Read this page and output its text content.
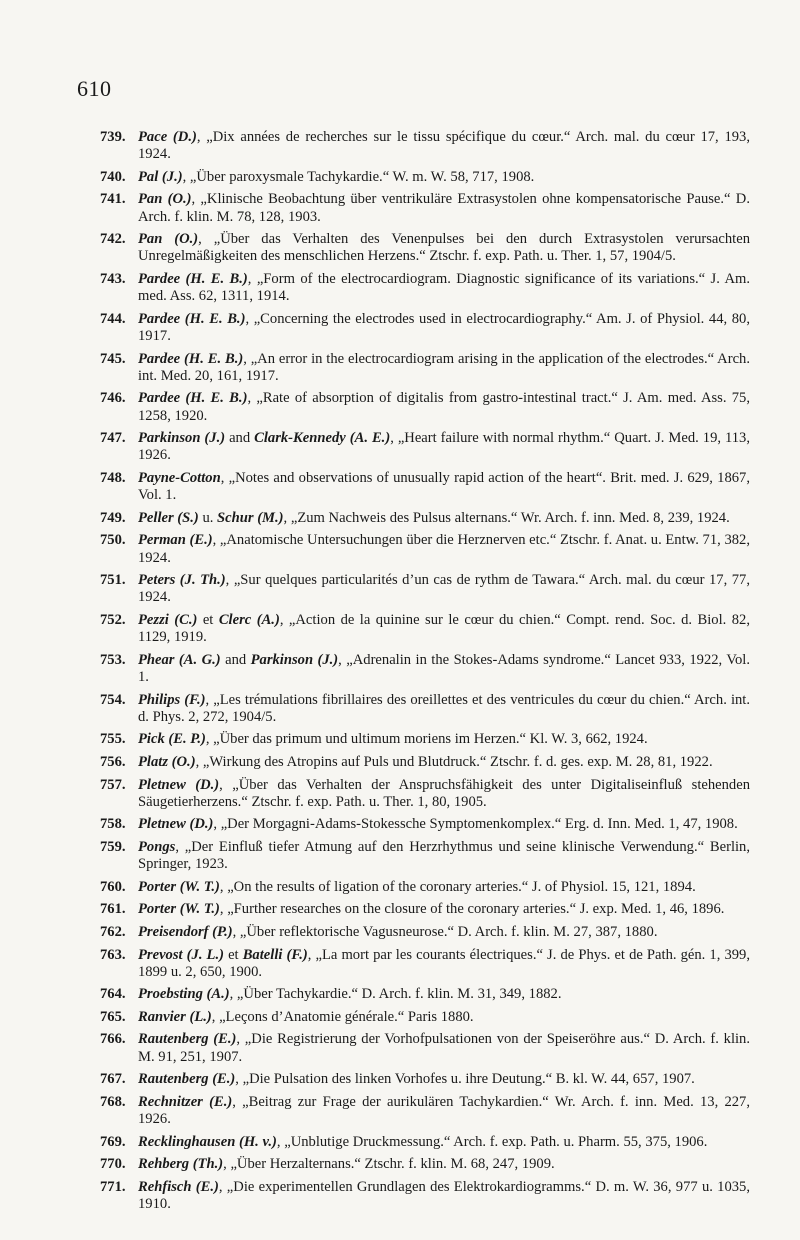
610
739. Pace (D.), „Dix années de recherches sur le tissu spécifique du cœur.“ Arch. mal. du cœur 17, 193, 1924.
740. Pal (J.), „Über paroxysmale Tachykardie.“ W. m. W. 58, 717, 1908.
741. Pan (O.), „Klinische Beobachtung über ventrikuläre Extrasystolen ohne kompensatorische Pause.“ D. Arch. f. klin. M. 78, 128, 1903.
742. Pan (O.), „Über das Verhalten des Venenpulses bei den durch Extrasystolen verursachten Unregelmäßigkeiten des menschlichen Herzens.“ Ztschr. f. exp. Path. u. Ther. 1, 57, 1904/5.
743. Pardee (H. E. B.), „Form of the electrocardiogram. Diagnostic significance of its variations.“ J. Am. med. Ass. 62, 1311, 1914.
744. Pardee (H. E. B.), „Concerning the electrodes used in electrocardiography.“ Am. J. of Physiol. 44, 80, 1917.
745. Pardee (H. E. B.), „An error in the electrocardiogram arising in the application of the electrodes.“ Arch. int. Med. 20, 161, 1917.
746. Pardee (H. E. B.), „Rate of absorption of digitalis from gastro-intestinal tract.“ J. Am. med. Ass. 75, 1258, 1920.
747. Parkinson (J.) and Clark-Kennedy (A. E.), „Heart failure with normal rhythm.“ Quart. J. Med. 19, 113, 1926.
748. Payne-Cotton, „Notes and observations of unusually rapid action of the heart“. Brit. med. J. 629, 1867, Vol. 1.
749. Peller (S.) u. Schur (M.), „Zum Nachweis des Pulsus alternans.“ Wr. Arch. f. inn. Med. 8, 239, 1924.
750. Perman (E.), „Anatomische Untersuchungen über die Herznerven etc.“ Ztschr. f. Anat. u. Entw. 71, 382, 1924.
751. Peters (J. Th.), „Sur quelques particularités d’un cas de rythm de Tawara.“ Arch. mal. du cœur 17, 77, 1924.
752. Pezzi (C.) et Clerc (A.), „Action de la quinine sur le cœur du chien.“ Compt. rend. Soc. d. Biol. 82, 1129, 1919.
753. Phear (A. G.) and Parkinson (J.), „Adrenalin in the Stokes-Adams syndrome.“ Lancet 933, 1922, Vol. 1.
754. Philips (F.), „Les trémulations fibrillaires des oreillettes et des ventricules du cœur du chien.“ Arch. int. d. Phys. 2, 272, 1904/5.
755. Pick (E. P.), „Über das primum und ultimum moriens im Herzen.“ Kl. W. 3, 662, 1924.
756. Platz (O.), „Wirkung des Atropins auf Puls und Blutdruck.“ Ztschr. f. d. ges. exp. M. 28, 81, 1922.
757. Pletnew (D.), „Über das Verhalten der Anspruchsfähigkeit des unter Digitaliseinfluß stehenden Säugetierherzens.“ Ztschr. f. exp. Path. u. Ther. 1, 80, 1905.
758. Pletnew (D.), „Der Morgagni-Adams-Stokessche Symptomenkomplex.“ Erg. d. Inn. Med. 1, 47, 1908.
759. Pongs, „Der Einfluß tiefer Atmung auf den Herzrhythmus und seine klinische Verwendung.“ Berlin, Springer, 1923.
760. Porter (W. T.), „On the results of ligation of the coronary arteries.“ J. of Physiol. 15, 121, 1894.
761. Porter (W. T.), „Further researches on the closure of the coronary arteries.“ J. exp. Med. 1, 46, 1896.
762. Preisendorf (P.), „Über reflektorische Vagusneurose.“ D. Arch. f. klin. M. 27, 387, 1880.
763. Prevost (J. L.) et Batelli (F.), „La mort par les courants électriques.“ J. de Phys. et de Path. gén. 1, 399, 1899 u. 2, 650, 1900.
764. Proebsting (A.), „Über Tachykardie.“ D. Arch. f. klin. M. 31, 349, 1882.
765. Ranvier (L.), „Leçons d’Anatomie générale.“ Paris 1880.
766. Rautenberg (E.), „Die Registrierung der Vorhofpulsationen von der Speiseröhre aus.“ D. Arch. f. klin. M. 91, 251, 1907.
767. Rautenberg (E.), „Die Pulsation des linken Vorhofes u. ihre Deutung.“ B. kl. W. 44, 657, 1907.
768. Rechnitzer (E.), „Beitrag zur Frage der aurikulären Tachykardien.“ Wr. Arch. f. inn. Med. 13, 227, 1926.
769. Recklinghausen (H. v.), „Unblutige Druckmessung.“ Arch. f. exp. Path. u. Pharm. 55, 375, 1906.
770. Rehberg (Th.), „Über Herzalternans.“ Ztschr. f. klin. M. 68, 247, 1909.
771. Rehfisch (E.), „Die experimentellen Grundlagen des Elektrokardiogramms.“ D. m. W. 36, 977 u. 1035, 1910.
